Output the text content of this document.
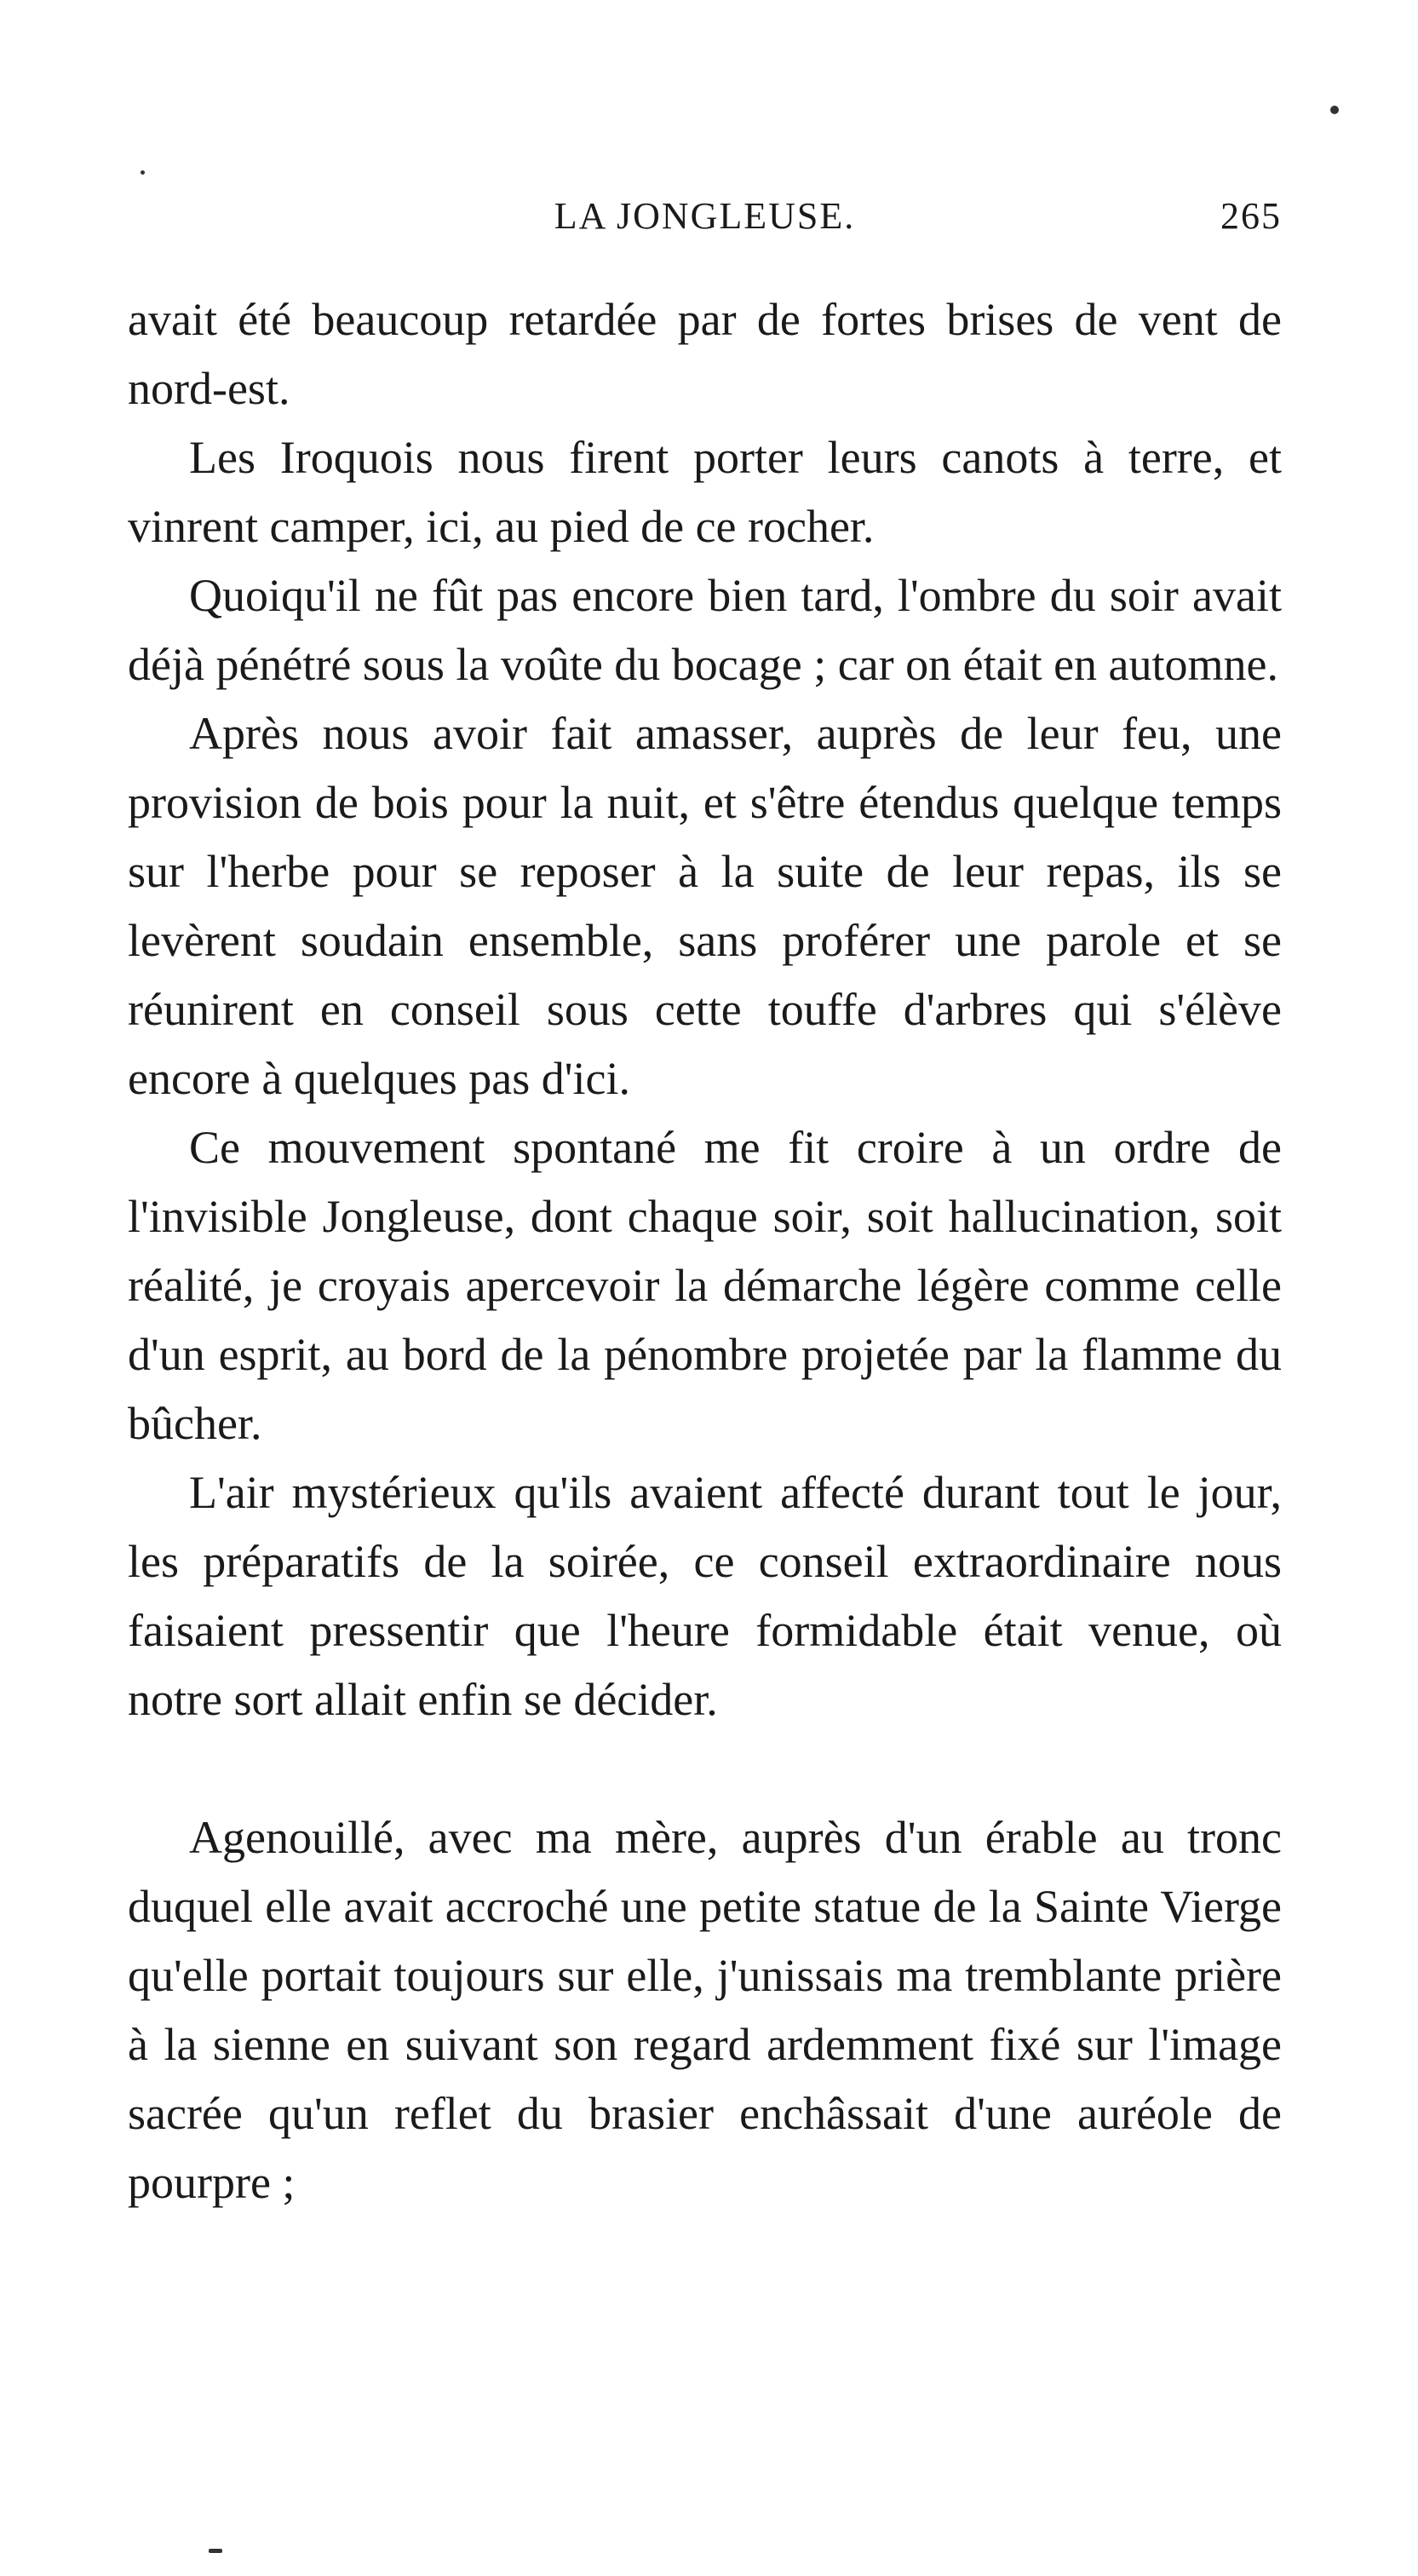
LA JONGLEUSE.	265

avait été beaucoup retardée par de fortes brises de vent de nord-est.

Les Iroquois nous firent porter leurs canots à terre, et vinrent camper, ici, au pied de ce rocher.

Quoiqu'il ne fût pas encore bien tard, l'ombre du soir avait déjà pénétré sous la voûte du bocage ; car on était en automne.

Après nous avoir fait amasser, auprès de leur feu, une provision de bois pour la nuit, et s'être étendus quelque temps sur l'herbe pour se reposer à la suite de leur repas, ils se levèrent soudain ensemble, sans proférer une parole et se réunirent en conseil sous cette touffe d'arbres qui s'élève encore à quelques pas d'ici.

Ce mouvement spontané me fit croire à un ordre de l'invisible Jongleuse, dont chaque soir, soit hallucination, soit réalité, je croyais apercevoir la démarche légère comme celle d'un esprit, au bord de la pénombre projetée par la flamme du bûcher.

L'air mystérieux qu'ils avaient affecté durant tout le jour, les préparatifs de la soirée, ce conseil extraordinaire nous faisaient pressentir que l'heure formidable était venue, où notre sort allait enfin se décider.

Agenouillé, avec ma mère, auprès d'un érable au tronc duquel elle avait accroché une petite statue de la Sainte Vierge qu'elle portait toujours sur elle, j'unissais ma tremblante prière à la sienne en suivant son regard ardemment fixé sur l'image sacrée qu'un reflet du brasier enchâssait d'une auréole de pourpre ;
